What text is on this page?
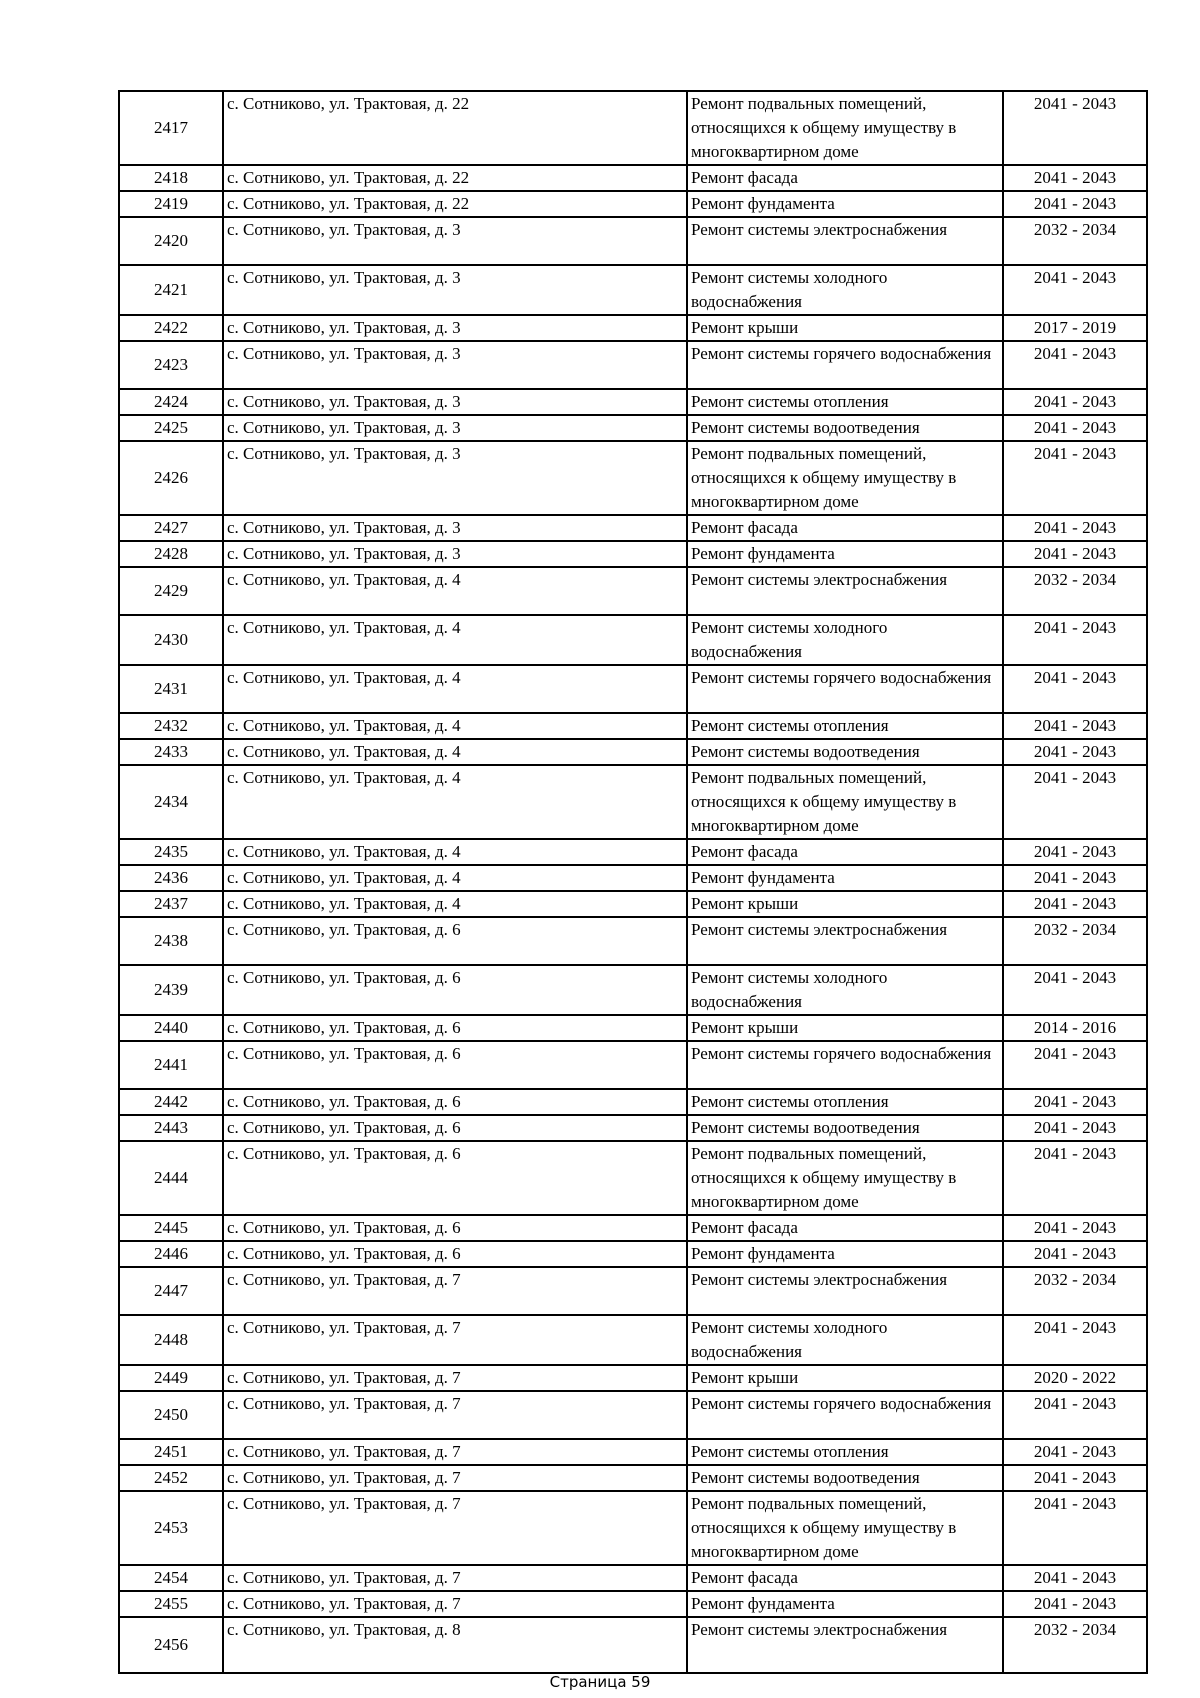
2417	с. Сотниково, ул. Трактовая, д. 22	Ремонт подвальных помещений, относящихся к общему имуществу в многоквартирном доме	2041 - 2043
2418	с. Сотниково, ул. Трактовая, д. 22	Ремонт фасада	2041 - 2043
2419	с. Сотниково, ул. Трактовая, д. 22	Ремонт фундамента	2041 - 2043
2420	с. Сотниково, ул. Трактовая, д. 3	Ремонт системы электроснабжения	2032 - 2034
2421	с. Сотниково, ул. Трактовая, д. 3	Ремонт системы холодного водоснабжения	2041 - 2043
2422	с. Сотниково, ул. Трактовая, д. 3	Ремонт крыши	2017 - 2019
2423	с. Сотниково, ул. Трактовая, д. 3	Ремонт системы горячего водоснабжения	2041 - 2043
2424	с. Сотниково, ул. Трактовая, д. 3	Ремонт системы отопления	2041 - 2043
2425	с. Сотниково, ул. Трактовая, д. 3	Ремонт системы водоотведения	2041 - 2043
2426	с. Сотниково, ул. Трактовая, д. 3	Ремонт подвальных помещений, относящихся к общему имуществу в многоквартирном доме	2041 - 2043
2427	с. Сотниково, ул. Трактовая, д. 3	Ремонт фасада	2041 - 2043
2428	с. Сотниково, ул. Трактовая, д. 3	Ремонт фундамента	2041 - 2043
2429	с. Сотниково, ул. Трактовая, д. 4	Ремонт системы электроснабжения	2032 - 2034
2430	с. Сотниково, ул. Трактовая, д. 4	Ремонт системы холодного водоснабжения	2041 - 2043
2431	с. Сотниково, ул. Трактовая, д. 4	Ремонт системы горячего водоснабжения	2041 - 2043
2432	с. Сотниково, ул. Трактовая, д. 4	Ремонт системы отопления	2041 - 2043
2433	с. Сотниково, ул. Трактовая, д. 4	Ремонт системы водоотведения	2041 - 2043
2434	с. Сотниково, ул. Трактовая, д. 4	Ремонт подвальных помещений, относящихся к общему имуществу в многоквартирном доме	2041 - 2043
2435	с. Сотниково, ул. Трактовая, д. 4	Ремонт фасада	2041 - 2043
2436	с. Сотниково, ул. Трактовая, д. 4	Ремонт фундамента	2041 - 2043
2437	с. Сотниково, ул. Трактовая, д. 4	Ремонт крыши	2041 - 2043
2438	с. Сотниково, ул. Трактовая, д. 6	Ремонт системы электроснабжения	2032 - 2034
2439	с. Сотниково, ул. Трактовая, д. 6	Ремонт системы холодного водоснабжения	2041 - 2043
2440	с. Сотниково, ул. Трактовая, д. 6	Ремонт крыши	2014 - 2016
2441	с. Сотниково, ул. Трактовая, д. 6	Ремонт системы горячего водоснабжения	2041 - 2043
2442	с. Сотниково, ул. Трактовая, д. 6	Ремонт системы отопления	2041 - 2043
2443	с. Сотниково, ул. Трактовая, д. 6	Ремонт системы водоотведения	2041 - 2043
2444	с. Сотниково, ул. Трактовая, д. 6	Ремонт подвальных помещений, относящихся к общему имуществу в многоквартирном доме	2041 - 2043
2445	с. Сотниково, ул. Трактовая, д. 6	Ремонт фасада	2041 - 2043
2446	с. Сотниково, ул. Трактовая, д. 6	Ремонт фундамента	2041 - 2043
2447	с. Сотниково, ул. Трактовая, д. 7	Ремонт системы электроснабжения	2032 - 2034
2448	с. Сотниково, ул. Трактовая, д. 7	Ремонт системы холодного водоснабжения	2041 - 2043
2449	с. Сотниково, ул. Трактовая, д. 7	Ремонт крыши	2020 - 2022
2450	с. Сотниково, ул. Трактовая, д. 7	Ремонт системы горячего водоснабжения	2041 - 2043
2451	с. Сотниково, ул. Трактовая, д. 7	Ремонт системы отопления	2041 - 2043
2452	с. Сотниково, ул. Трактовая, д. 7	Ремонт системы водоотведения	2041 - 2043
2453	с. Сотниково, ул. Трактовая, д. 7	Ремонт подвальных помещений, относящихся к общему имуществу в многоквартирном доме	2041 - 2043
2454	с. Сотниково, ул. Трактовая, д. 7	Ремонт фасада	2041 - 2043
2455	с. Сотниково, ул. Трактовая, д. 7	Ремонт фундамента	2041 - 2043
2456	с. Сотниково, ул. Трактовая, д. 8	Ремонт системы электроснабжения	2032 - 2034
Страница 59
